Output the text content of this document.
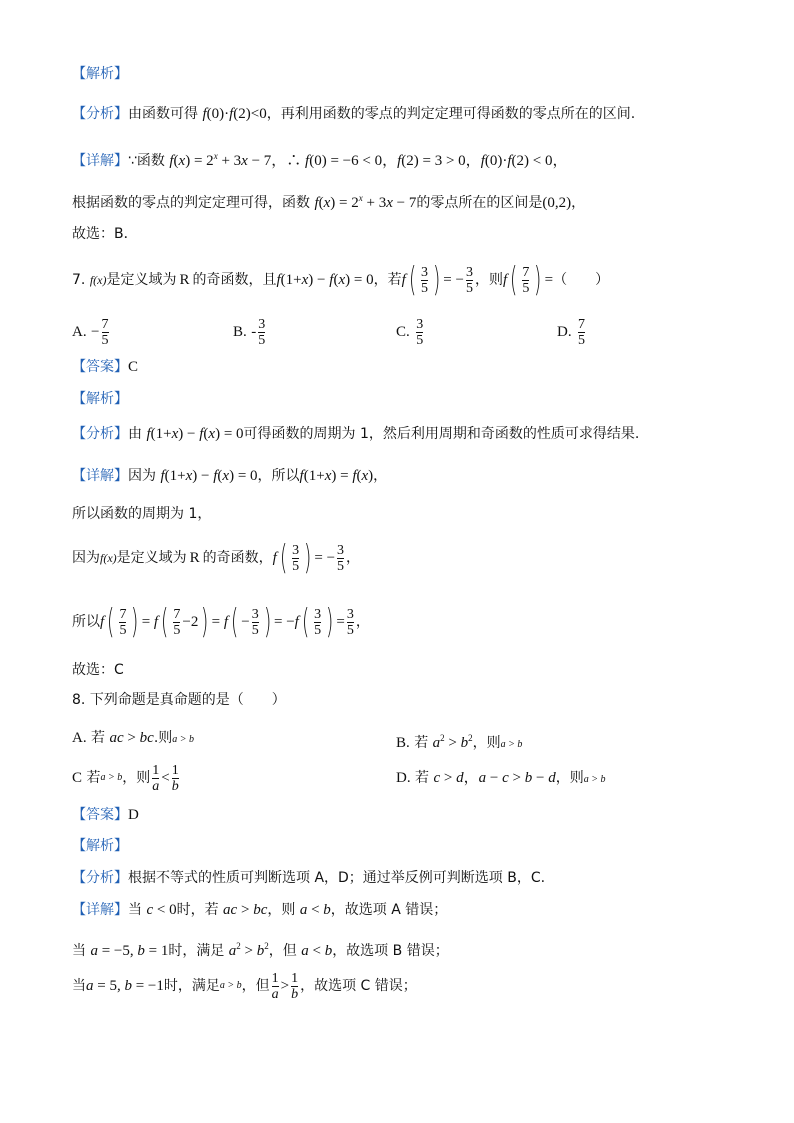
【解析】
【分析】由函数可得 f(0)·f(2)<0，再利用函数的零点的判定定理可得函数的零点所在的区间.
【详解】∵函数 $f(x) = 2^x + 3x - 7$，∴ f(0) = −6 < 0，f(2) = 3 > 0，f(0)·f(2) < 0，
根据函数的零点的判定定理可得，函数 $f(x) = 2^x + 3x - 7$的零点所在的区间是(0,2)，
故选：B．
7.
f(x) 是定义域为 R 的奇函数，且 f(1+x) − f(x) = 0 ，若 f ( $\frac{3}{5}$ ) = − $\frac{3}{5}$ ，则 f ( $\frac{7}{5}$ ) = （　　）
A.
− $\frac{7}{5}$	B.
- $\frac{3}{5}$	C.
$\frac{3}{5}$	D.
$\frac{7}{5}$
【答案】C
【解析】
【分析】由 f(1+x) − f(x) = 0可得函数的周期为 1，然后利用周期和奇函数的性质可求得结果.
【详解】因为 f(1+x) − f(x) = 0，所以f(1+x) = f(x)，
所以函数的周期为 1，
因为 f(x) 是定义域为 R 的奇函数， f ( $\frac{3}{5}$ ) = − $\frac{3}{5}$ ，
所以 f ( $\frac{7}{5}$ ) = f ( $\frac{7}{5} -2$ ) = f ( − $\frac{3}{5}$ ) = −f ( $\frac{3}{5}$ ) = $\frac{3}{5}$ ，
故选：C
8. 下列命题是真命题的是（　　）
A. 若 ac > bc.则a > b	B. 若 $a^2 > b^2$，则a > b
C
若 a > b ，则 $\frac{1}{a} < \frac{1}{b}$	D. 若 c > d，a − c > b − d，则a > b
【答案】D
【解析】
【分析】根据不等式的性质可判断选项 A，D；通过举反例可判断选项 B，C.
【详解】当 c < 0时，若 ac > bc，则 a < b，故选项 A 错误；
当 a = −5, b = 1时，满足 $a^2 > b^2$，但 a < b，故选项 B 错误；
当 a = 5, b = −1 时，满足 a > b ，但 $\frac{1}{a} > \frac{1}{b}$ ，故选项 C 错误；
